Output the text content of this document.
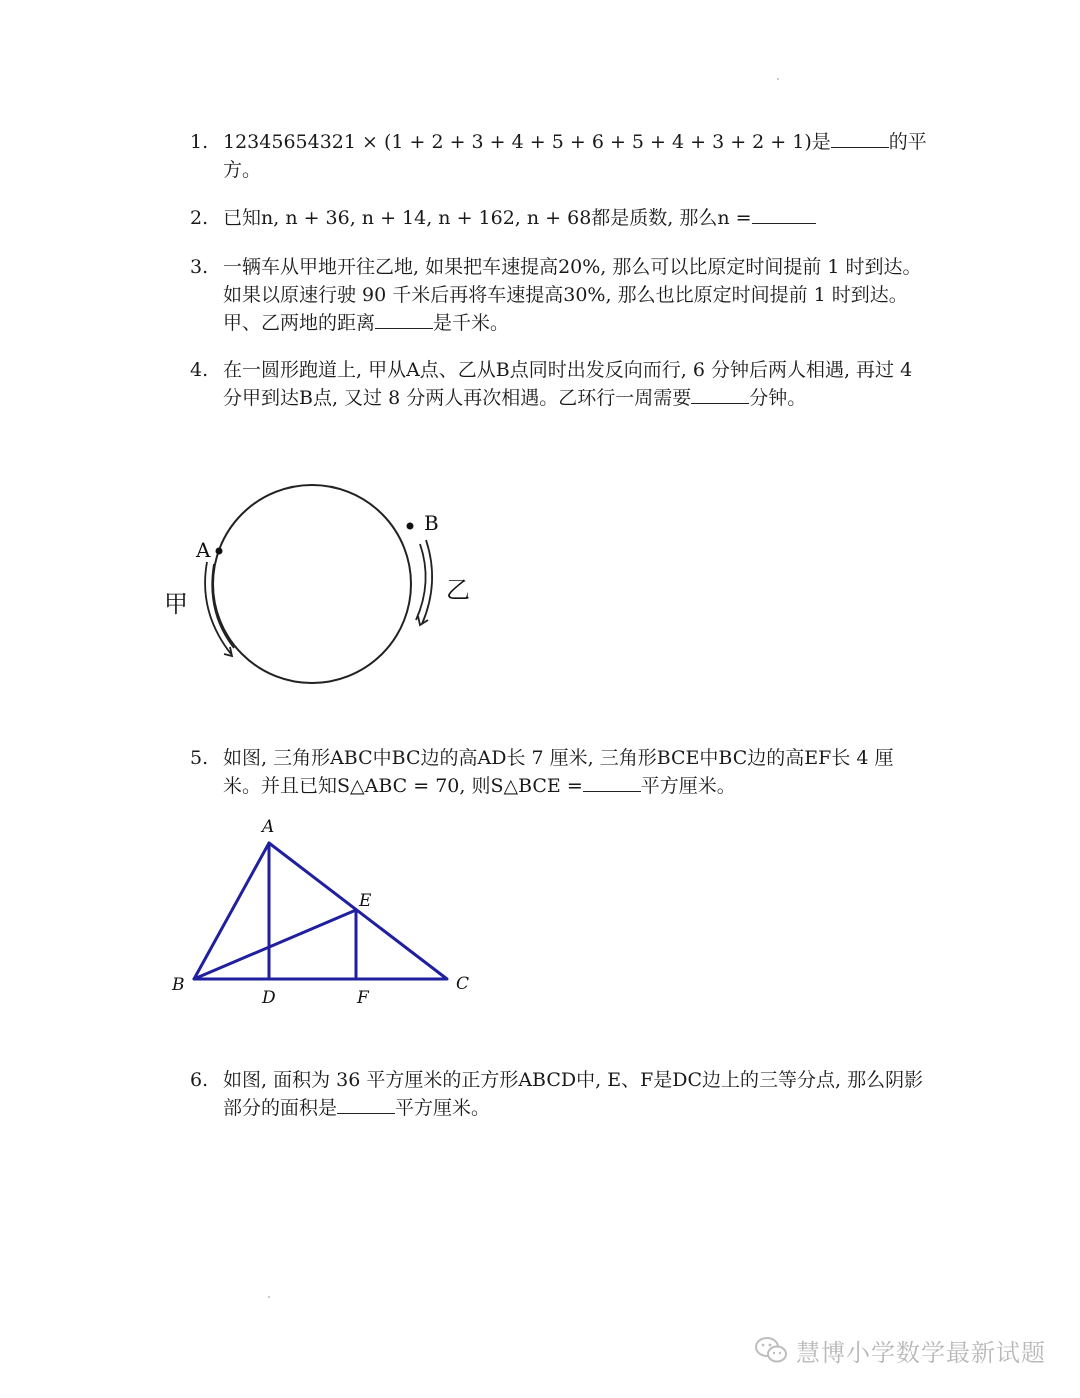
1. 12345654321 × (1 + 2 + 3 + 4 + 5 + 6 + 5 + 4 + 3 + 2 + 1)是	的平方。
2. 已知n, n + 36, n + 14, n + 162, n + 68都是质数, 那么n =
3. 一辆车从甲地开往乙地, 如果把车速提高20%, 那么可以比原定时间提前 1 时到达。如果以原速行驶 90 千米后再将车速提高30%, 那么也比原定时间提前 1 时到达。甲、乙两地的距离	是千米。
4. 在一圆形跑道上, 甲从A点、乙从B点同时出发反向而行, 6 分钟后两人相遇, 再过 4 分甲到达B点, 又过 8 分两人再次相遇。乙环行一周需要	分钟。
A
B
甲	乙
5. 如图, 三角形ABC中BC边的高AD长 7 厘米, 三角形BCE中BC边的高EF长 4 厘米。并且已知S△ABC = 70, 则S△BCE =	平方厘米。
A
B	C
D
E
F
6. 如图, 面积为 36 平方厘米的正方形ABCD中, E、F是DC边上的三等分点, 那么阴影部分的面积是	平方厘米。
慧博小学数学最新试题
